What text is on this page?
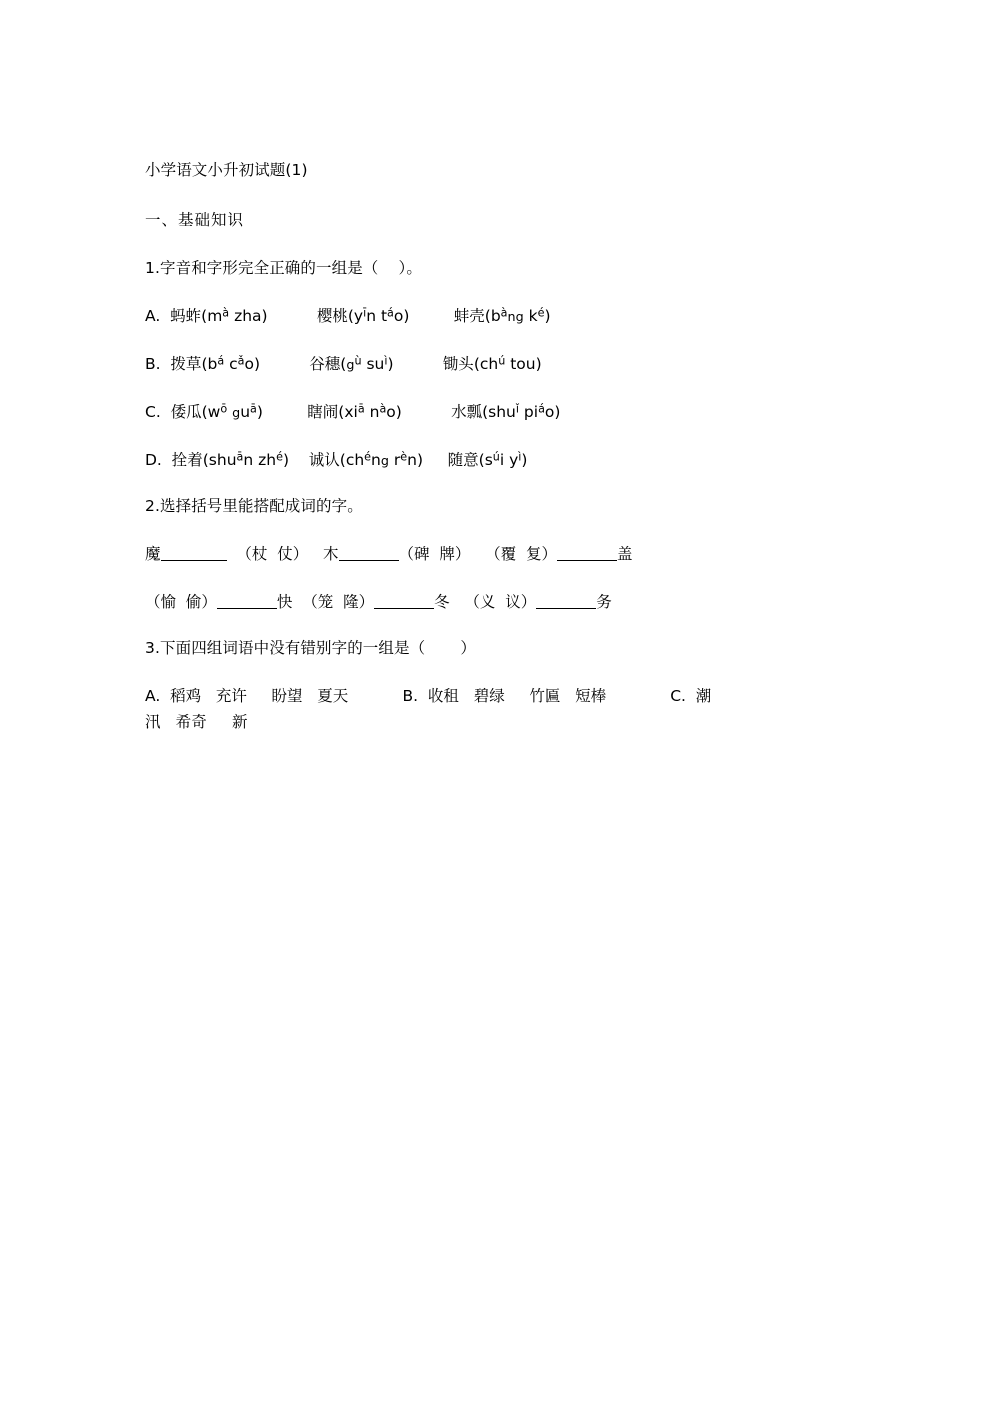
小学语文小升初试题(1)
一、基础知识
1.字音和字形完全正确的一组是（    ）。
A. 蚂蚱($m^à$ zha)	樱桃($y^īn$ $t^áo$)	蚌壳($b^àng$ $k^é$)
B. 拨草($b^á$ $c^ǎo$)	谷穗($g^ù$ $su^ì$)	锄头($ch^ú$ tou)
C. 倭瓜($w^ō$ $gu^ā$)	瞎闹($xi^ā$ $n^ào$)	水瓢(shu$^ǐ$ $pi^áo$)
D. 拴着(shu$^ā$n $zh^é$) 诚认($ch^éng$ $r^èn$) 随意($s^úi$ $y^ì$)
2.选择括号里能搭配成词的字。
魔	（杖  仗） 木	（碑  牌） （覆  复）	盖
（愉  偷）	快 （笼  隆）	冬 （义  议）	务
3.下面四组词语中没有错别字的一组是（       ）
A.  稻鸡   充许     盼望   夏天	B.  收租   碧绿     竹匾   短棒	C.  潮
汛   希奇     新
